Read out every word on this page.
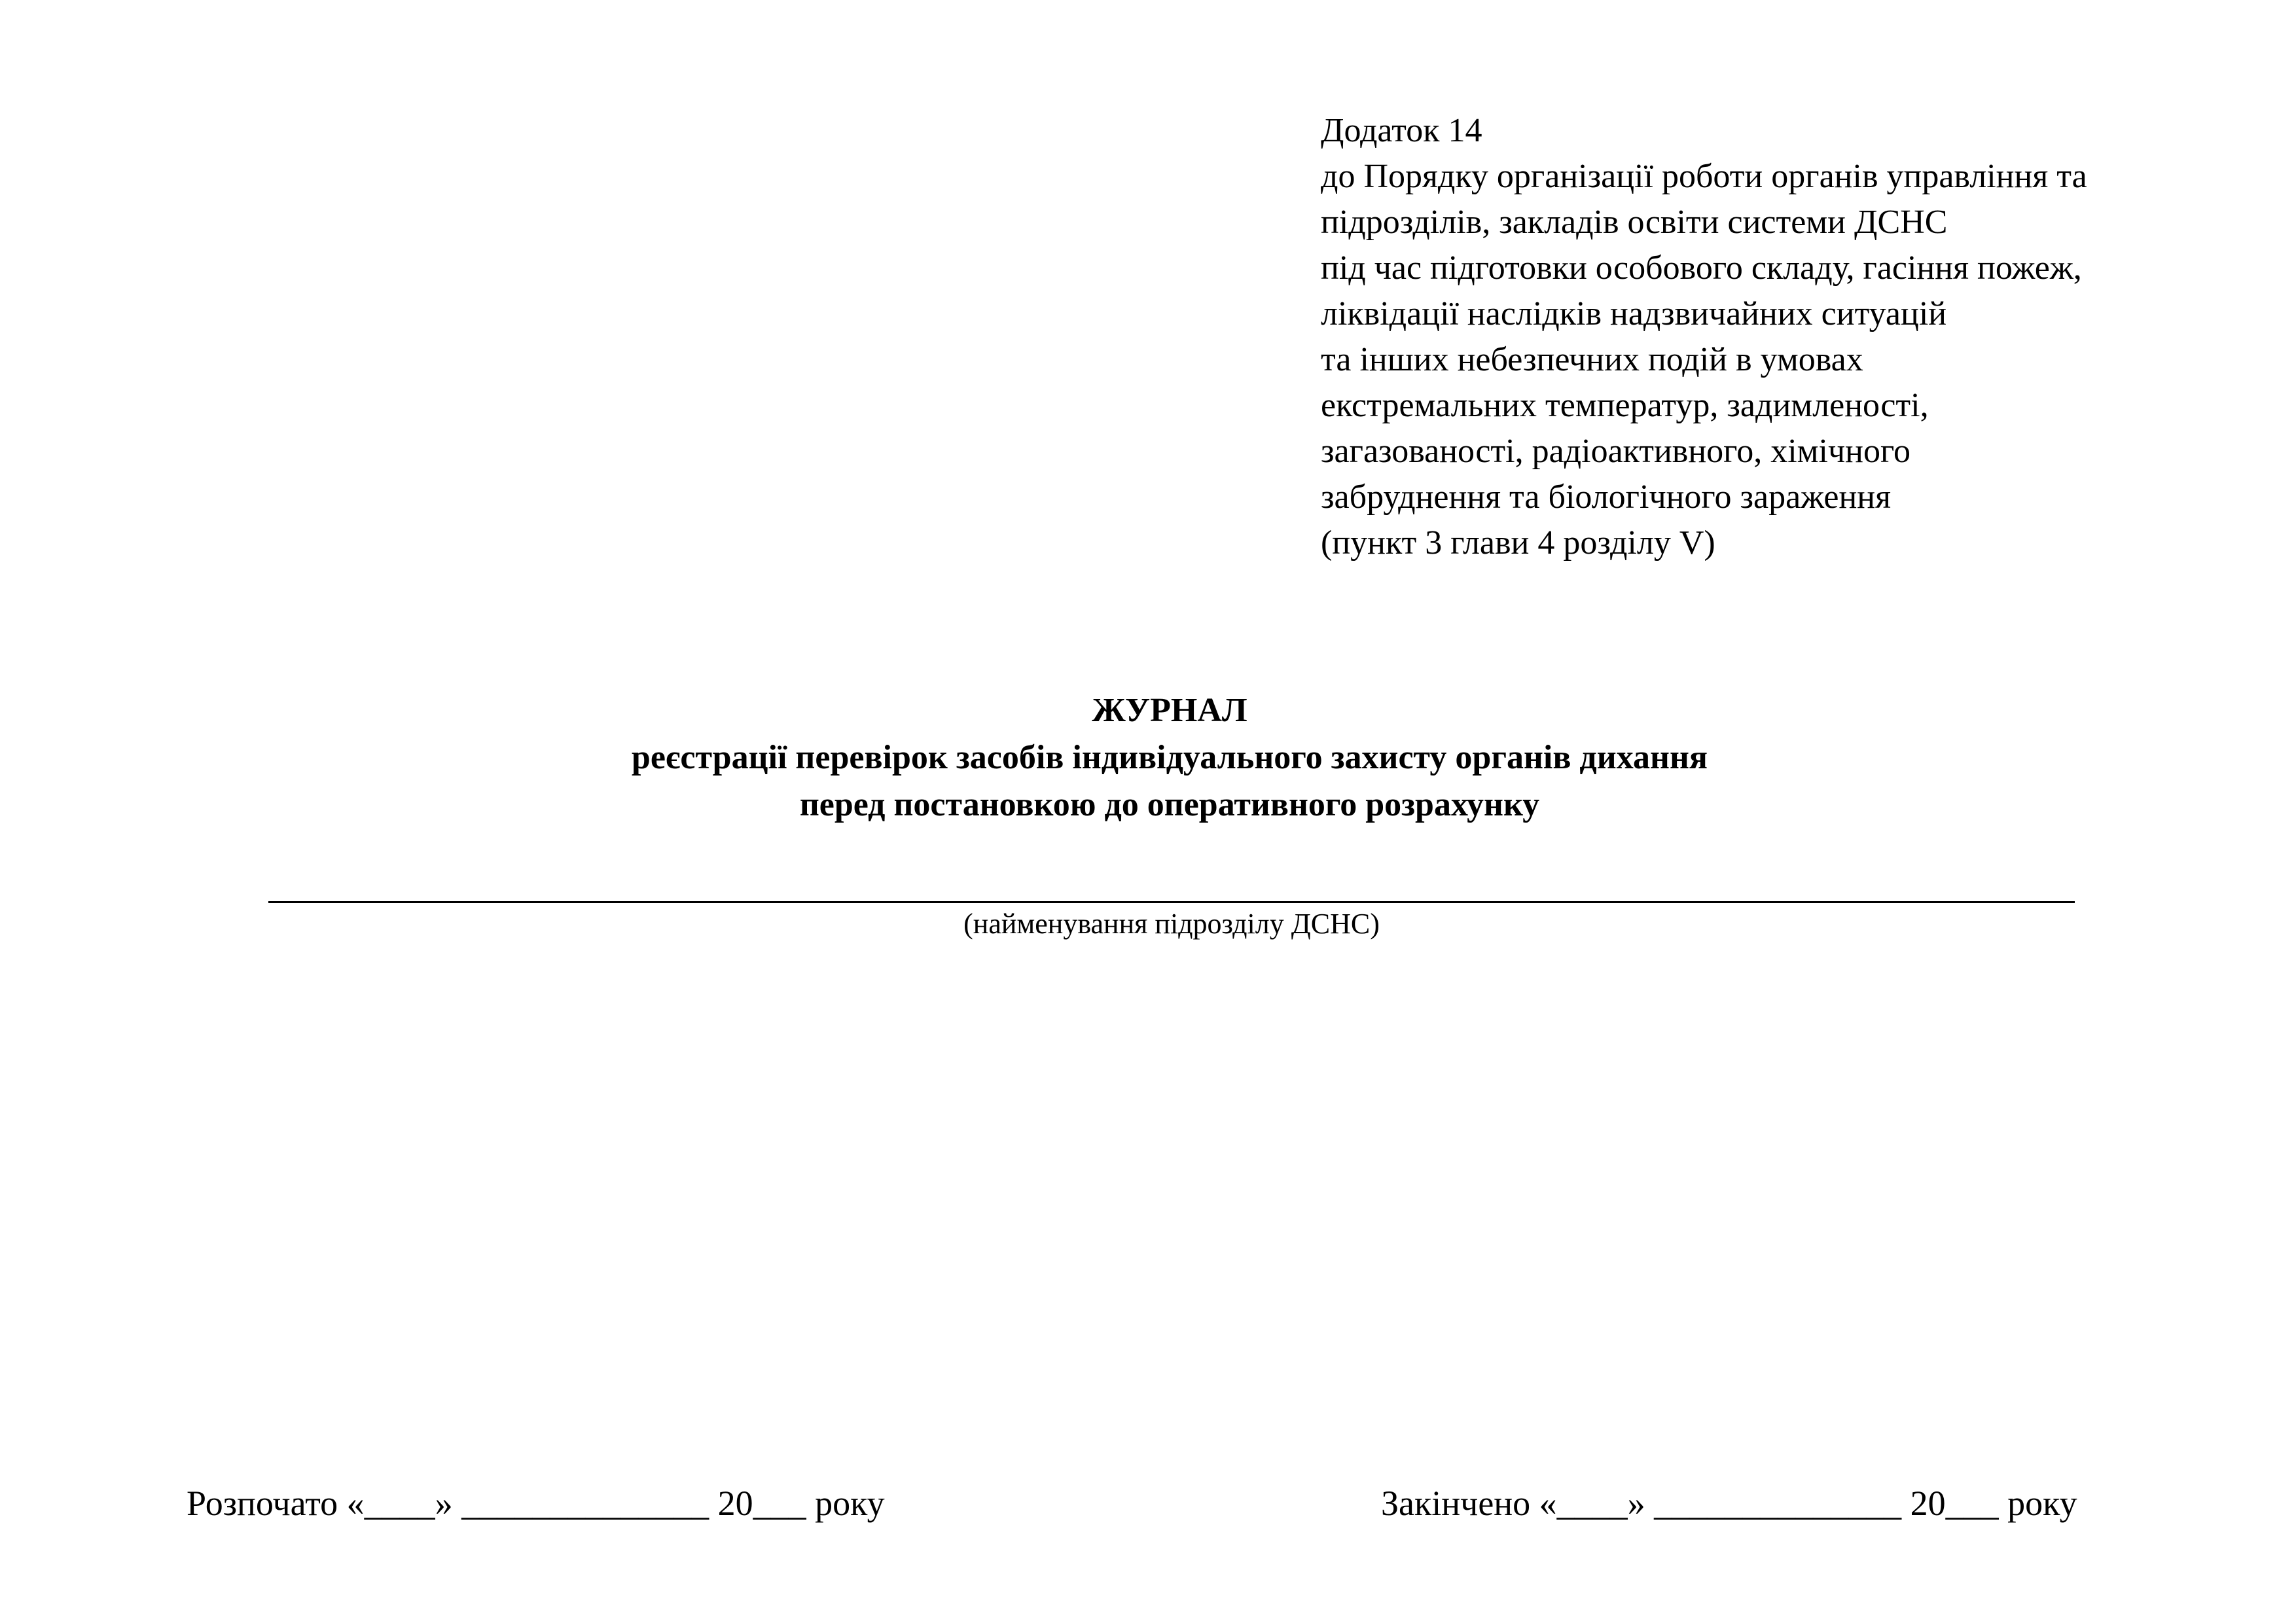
Додаток 14
до Порядку організації роботи органів управління та
підрозділів, закладів освіти системи ДСНС
під час підготовки особового складу, гасіння пожеж,
ліквідації наслідків надзвичайних ситуацій
та інших небезпечних подій в умовах
екстремальних температур, задимленості,
загазованості, радіоактивного, хімічного
забруднення та біологічного зараження
(пункт 3 глави 4 розділу V)
ЖУРНАЛ
реєстрації перевірок засобів індивідуального захисту органів дихання
перед постановкою до оперативного розрахунку
(найменування підрозділу ДСНС)
Розпочато «____» ______________ 20___ року	Закінчено «____» ______________ 20___ року
